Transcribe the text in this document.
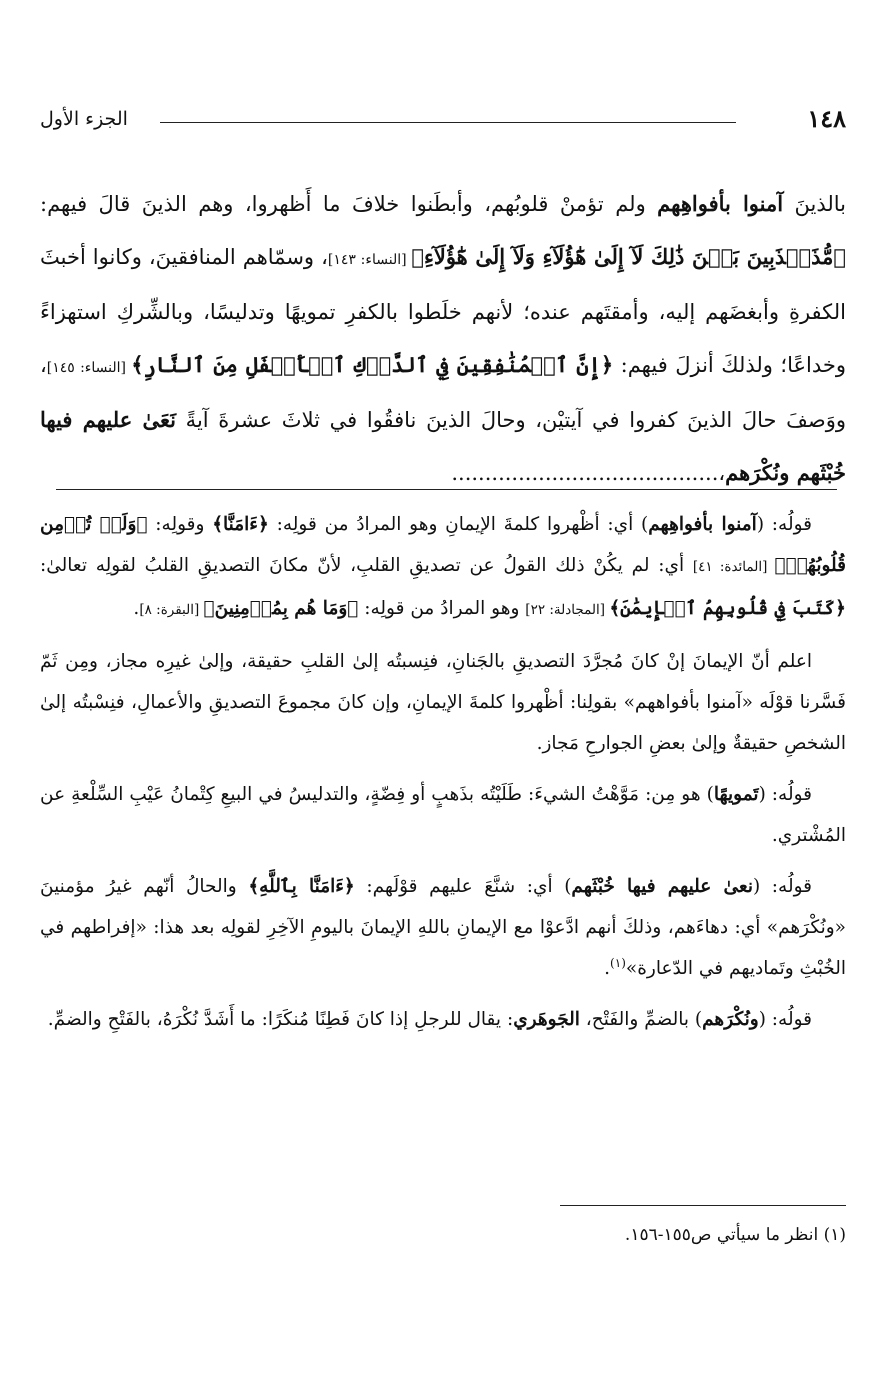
١٤٨
الجزء الأول

بالذينَ آمنوا بأفواهِهم ولم تؤمنْ قلوبُهم، وأبطَنوا خلافَ ما أَظهروا، وهم الذينَ قالَ فيهم: ﴿مُّذَبۡذَبِينَ بَيۡنَ ذَٰلِكَ لَآ إِلَىٰ هَٰٓؤُلَآءِ وَلَآ إِلَىٰ هَٰٓؤُلَآءِ﴾ [النساء: ١٤٣]، وسمّاهم المنافقينَ، وكانوا أخبثَ الكفرةِ وأبغضَهم إليه، وأمقتَهم عنده؛ لأنهم خلَطوا بالكفرِ تمويهًا وتدليسًا، وبالشِّركِ استهزاءً وخداعًا؛ ولذلكَ أنزلَ فيهم: ﴿إِنَّ ٱلۡمُنَٰفِقِينَ فِي ٱلدَّرۡكِ ٱلۡأَسۡفَلِ مِنَ ٱلنَّارِ﴾ [النساء: ١٤٥]، ووَصفَ حالَ الذينَ كفروا في آيتيْن، وحالَ الذينَ نافقُوا في ثلاثَ عشرةَ آيةً نَعَىٰ عليهم فيها خُبْثَهم ونُكْرَهم،........................................

قولُه: (آمنوا بأفواهِهم) أي: أظْهروا كلمةَ الإيمانِ وهو المرادُ من قولِه: ﴿ءَامَنَّا﴾ وقولِه: ﴿وَلَمۡ تُؤۡمِن قُلُوبُهُمۡ﴾ [المائدة: ٤١] أي: لم يكُنْ ذلك القولُ عن تصديقِ القلبِ، لأنّ مكانَ التصديقِ القلبُ لقولِه تعالىٰ: ﴿كَتَبَ فِي قُلُوبِهِمُ ٱلۡإِيمَٰنَ﴾ [المجادلة: ٢٢] وهو المرادُ من قولِه: ﴿وَمَا هُم بِمُؤۡمِنِينَ﴾ [البقرة: ٨].

اعلم أنّ الإيمانَ إنْ كانَ مُجرَّدَ التصديقِ بالجَنانِ، فنِسبتُه إلىٰ القلبِ حقيقة، وإلىٰ غيرِه مجاز، ومِن ثَمّ فَسَّرنا قوْلَه «آمنوا بأفواههم» بقولِنا: أظْهروا كلمةَ الإيمانِ، وإن كانَ مجموعَ التصديقِ والأعمالِ، فنِسْبتُه إلىٰ الشخصِ حقيقةٌ وإلىٰ بعضِ الجوارحِ مَجاز.

قولُه: (تَمويهًا) هو مِن: مَوَّهْتُ الشيءَ: طَلَيْتُه بذَهبٍ أو فِضّةٍ، والتدليسُ في البيعِ كِتْمانُ عَيْبِ السِّلْعةِ عن المُشْتري.

قولُه: (نعىٰ عليهم فيها خُبْثَهم) أي: شنَّعَ عليهم قوْلَهم: ﴿ءَامَنَّا بِٱللَّهِ﴾ والحالُ أنّهم غيرُ مؤمنينَ «ونُكْرَهم» أي: دهاءَهم، وذلكَ أنهم ادَّعوْا مع الإيمانِ باللهِ الإيمانَ باليومِ الآخِرِ لقولِه بعد هذا: «إفراطهم في الخُبْثِ وتَماديهم في الدّعارة»$^{(١)}$.

قولُه: (ونُكْرَهم) بالضمِّ والفَتْح، الجَوهَري: يقال للرجلِ إذا كانَ فَطِنًا مُنكَرًا: ما أَشَدَّ نُكْرَهُ، بالفَتْحِ والضمِّ.

(١) انظر ما سيأتي ص١٥٥-١٥٦.
